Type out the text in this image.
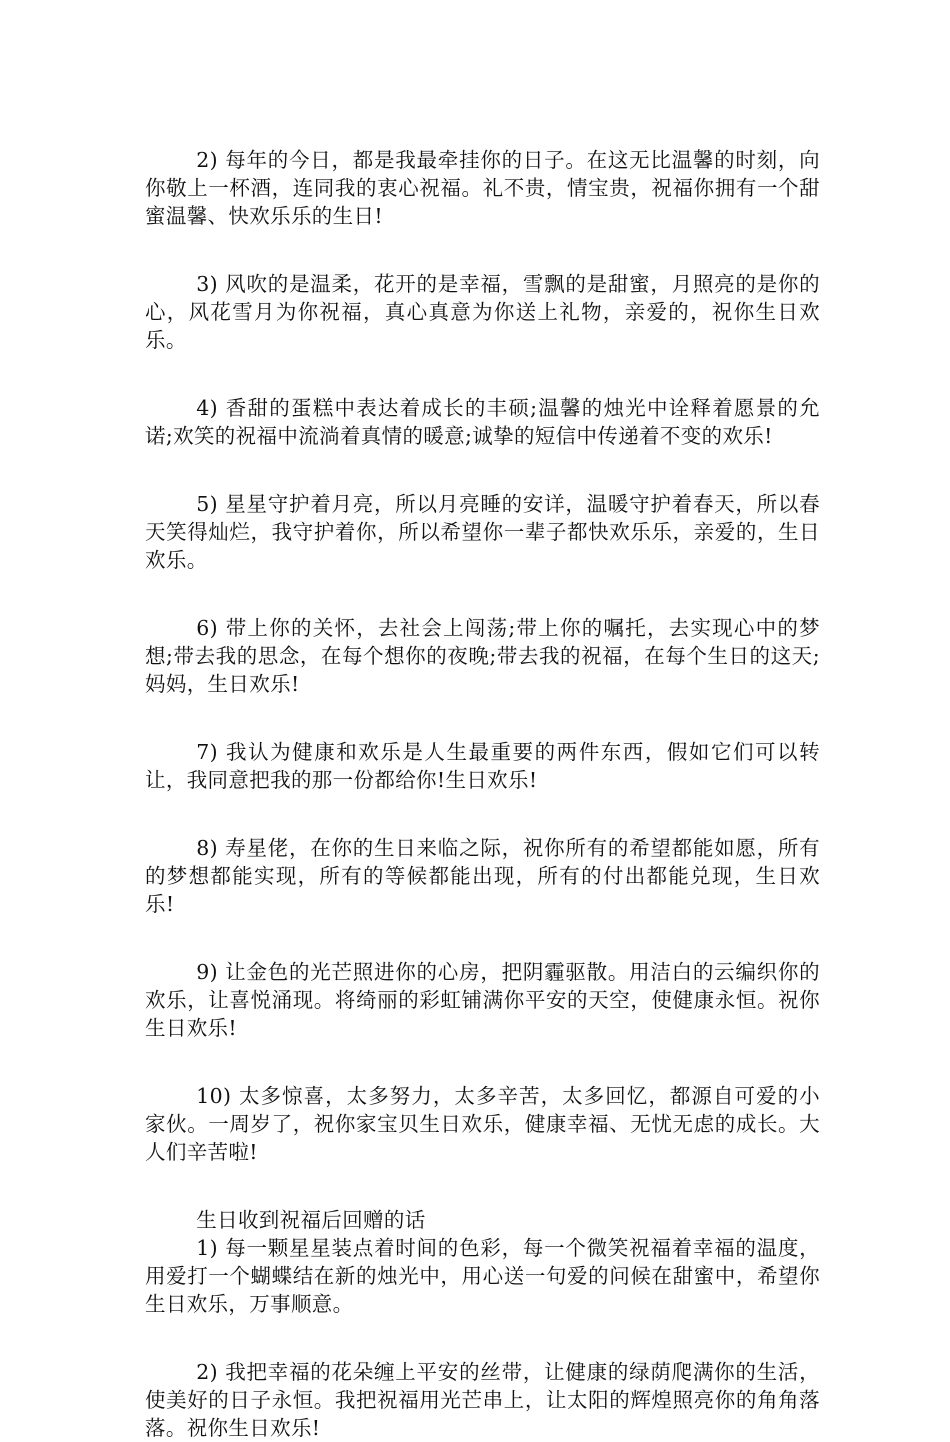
2) 每年的今日，都是我最牵挂你的日子。在这无比温馨的时刻，向你敬上一杯酒，连同我的衷心祝福。礼不贵，情宝贵，祝福你拥有一个甜蜜温馨、快欢乐乐的生日!

3) 风吹的是温柔，花开的是幸福，雪飘的是甜蜜，月照亮的是你的心，风花雪月为你祝福，真心真意为你送上礼物，亲爱的，祝你生日欢乐。

4) 香甜的蛋糕中表达着成长的丰硕;温馨的烛光中诠释着愿景的允诺;欢笑的祝福中流淌着真情的暖意;诚挚的短信中传递着不变的欢乐!

5) 星星守护着月亮，所以月亮睡的安详，温暖守护着春天，所以春天笑得灿烂，我守护着你，所以希望你一辈子都快欢乐乐，亲爱的，生日欢乐。

6) 带上你的关怀，去社会上闯荡;带上你的嘱托，去实现心中的梦想;带去我的思念，在每个想你的夜晚;带去我的祝福，在每个生日的这天;妈妈，生日欢乐!

7) 我认为健康和欢乐是人生最重要的两件东西，假如它们可以转让，我同意把我的那一份都给你!生日欢乐!

8) 寿星佬，在你的生日来临之际，祝你所有的希望都能如愿，所有的梦想都能实现，所有的等候都能出现，所有的付出都能兑现，生日欢乐!

9) 让金色的光芒照进你的心房，把阴霾驱散。用洁白的云编织你的欢乐，让喜悦涌现。将绮丽的彩虹铺满你平安的天空，使健康永恒。祝你生日欢乐!

10) 太多惊喜，太多努力，太多辛苦，太多回忆，都源自可爱的小家伙。一周岁了，祝你家宝贝生日欢乐，健康幸福、无忧无虑的成长。大人们辛苦啦!

生日收到祝福后回赠的话

1) 每一颗星星装点着时间的色彩，每一个微笑祝福着幸福的温度，用爱打一个蝴蝶结在新的烛光中，用心送一句爱的问候在甜蜜中，希望你生日欢乐，万事顺意。

2) 我把幸福的花朵缠上平安的丝带，让健康的绿荫爬满你的生活，使美好的日子永恒。我把祝福用光芒串上，让太阳的辉煌照亮你的角角落落。祝你生日欢乐!
